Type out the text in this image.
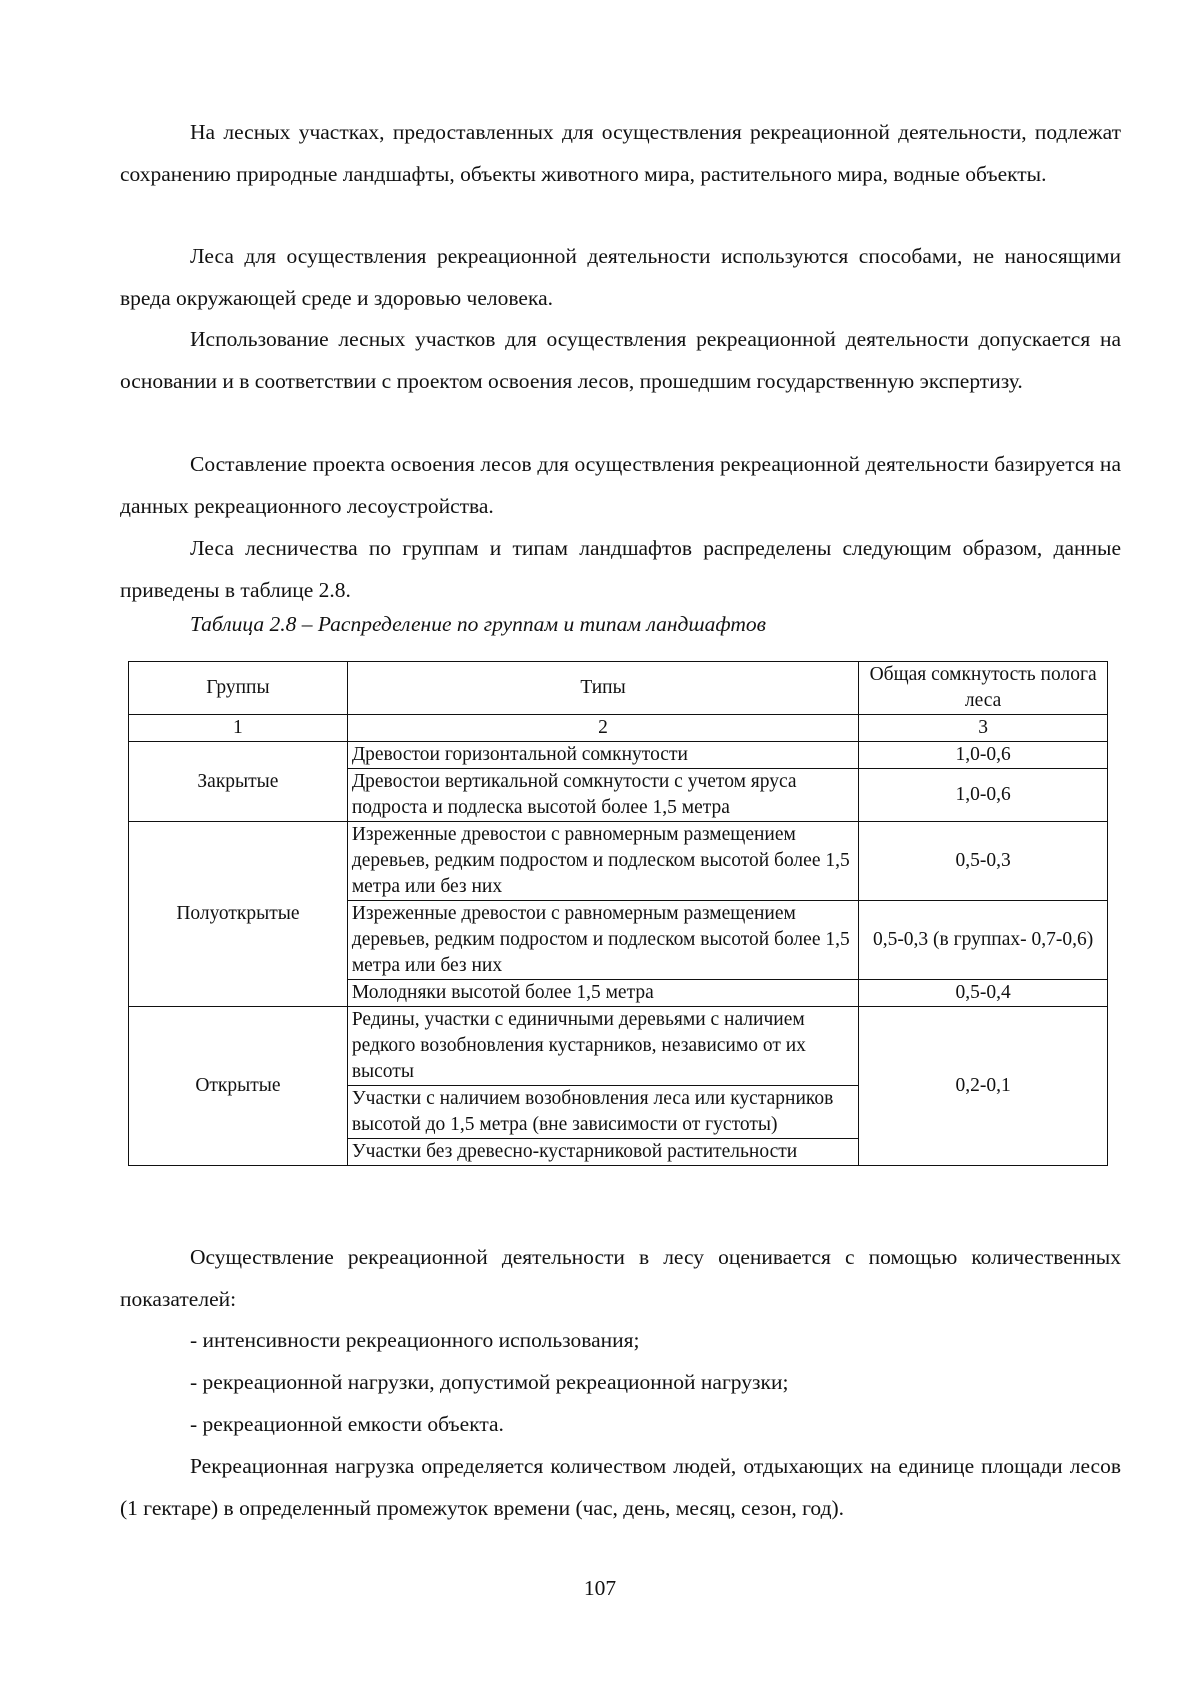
На лесных участках, предоставленных для осуществления рекреационной деятельности, подлежат сохранению природные ландшафты, объекты животного мира, растительного мира, водные объекты.

Леса для осуществления рекреационной деятельности используются способами, не наносящими вреда окружающей среде и здоровью человека.

Использование лесных участков для осуществления рекреационной деятельности допускается на основании и в соответствии с проектом освоения лесов, прошедшим государственную экспертизу.

Составление проекта освоения лесов для осуществления рекреационной деятельности базируется на данных рекреационного лесоустройства.

Леса лесничества по группам и типам ландшафтов распределены следующим образом, данные приведены в таблице 2.8.

Таблица 2.8 – Распределение по группам и типам ландшафтов

Группы	Типы	Общая сомкнутость полога леса
1	2	3
Закрытые	Древостои горизонтальной сомкнутости	1,0-0,6
	Древостои вертикальной сомкнутости с учетом яруса подроста и подлеска высотой более 1,5 метра	1,0-0,6
Полуоткрытые	Изреженные древостои с равномерным размещением деревьев, редким подростом и подлеском высотой более 1,5 метра или без них	0,5-0,3
	Изреженные древостои с равномерным размещением деревьев, редким подростом и подлеском высотой более 1,5 метра или без них	0,5-0,3 (в группах- 0,7-0,6)
	Молодняки высотой более 1,5 метра	0,5-0,4
Открытые	Редины, участки с единичными деревьями с наличием редкого возобновления кустарников, независимо от их высоты	0,2-0,1
	Участки с наличием возобновления леса или кустарников высотой до 1,5 метра (вне зависимости от густоты)	
	Участки без древесно-кустарниковой растительности	

Осуществление рекреационной деятельности в лесу оценивается с помощью количественных показателей:

- интенсивности рекреационного использования;

- рекреационной нагрузки, допустимой рекреационной нагрузки;

- рекреационной емкости объекта.

Рекреационная нагрузка определяется количеством людей, отдыхающих на единице площади лесов (1 гектаре) в определенный промежуток времени (час, день, месяц, сезон, год).

107
